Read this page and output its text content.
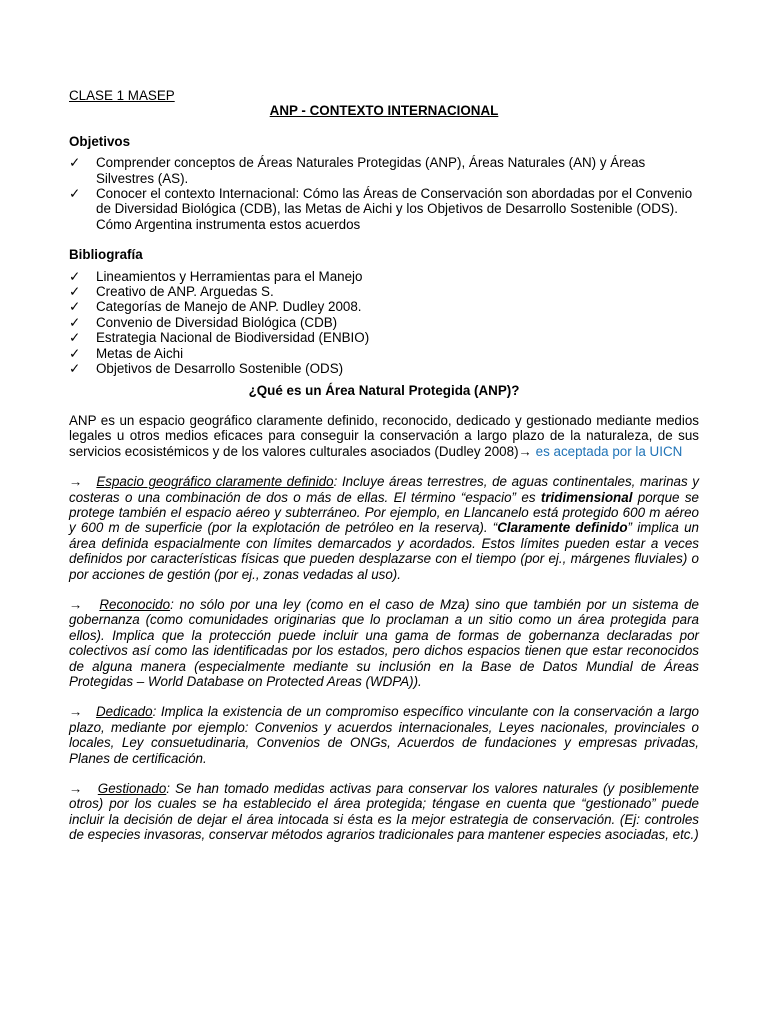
CLASE 1 MASEP
ANP - CONTEXTO INTERNACIONAL
Objetivos
✓ Comprender conceptos de Áreas Naturales Protegidas (ANP), Áreas Naturales (AN) y Áreas Silvestres (AS).
✓ Conocer el contexto Internacional: Cómo las Áreas de Conservación son abordadas por el Convenio de Diversidad Biológica (CDB), las Metas de Aichi y los Objetivos de Desarrollo Sostenible (ODS). Cómo Argentina instrumenta estos acuerdos
Bibliografía
✓ Lineamientos y Herramientas para el Manejo
✓ Creativo de ANP. Arguedas S.
✓ Categorías de Manejo de ANP. Dudley 2008.
✓ Convenio de Diversidad Biológica (CDB)
✓ Estrategia Nacional de Biodiversidad (ENBIO)
✓ Metas de Aichi
✓ Objetivos de Desarrollo Sostenible (ODS)
¿Qué es un Área Natural Protegida (ANP)?
ANP es un espacio geográfico claramente definido, reconocido, dedicado y gestionado mediante medios legales u otros medios eficaces para conseguir la conservación a largo plazo de la naturaleza, de sus servicios ecosistémicos y de los valores culturales asociados (Dudley 2008)→ es aceptada por la UICN
→ Espacio geográfico claramente definido: Incluye áreas terrestres, de aguas continentales, marinas y costeras o una combinación de dos o más de ellas. El término “espacio” es tridimensional porque se protege también el espacio aéreo y subterráneo. Por ejemplo, en Llancanelo está protegido 600 m aéreo y 600 m de superficie (por la explotación de petróleo en la reserva). “Claramente definido” implica un área definida espacialmente con límites demarcados y acordados. Estos límites pueden estar a veces definidos por características físicas que pueden desplazarse con el tiempo (por ej., márgenes fluviales) o por acciones de gestión (por ej., zonas vedadas al uso).
→ Reconocido: no sólo por una ley (como en el caso de Mza) sino que también por un sistema de gobernanza (como comunidades originarias que lo proclaman a un sitio como un área protegida para ellos). Implica que la protección puede incluir una gama de formas de gobernanza declaradas por colectivos así como las identificadas por los estados, pero dichos espacios tienen que estar reconocidos de alguna manera (especialmente mediante su inclusión en la Base de Datos Mundial de Áreas Protegidas – World Database on Protected Areas (WDPA)).
→ Dedicado: Implica la existencia de un compromiso específico vinculante con la conservación a largo plazo, mediante por ejemplo: Convenios y acuerdos internacionales, Leyes nacionales, provinciales o locales, Ley consuetudinaria, Convenios de ONGs, Acuerdos de fundaciones y empresas privadas, Planes de certificación.
→ Gestionado: Se han tomado medidas activas para conservar los valores naturales (y posiblemente otros) por los cuales se ha establecido el área protegida; téngase en cuenta que “gestionado” puede incluir la decisión de dejar el área intocada si ésta es la mejor estrategia de conservación. (Ej: controles de especies invasoras, conservar métodos agrarios tradicionales para mantener especies asociadas, etc.)
